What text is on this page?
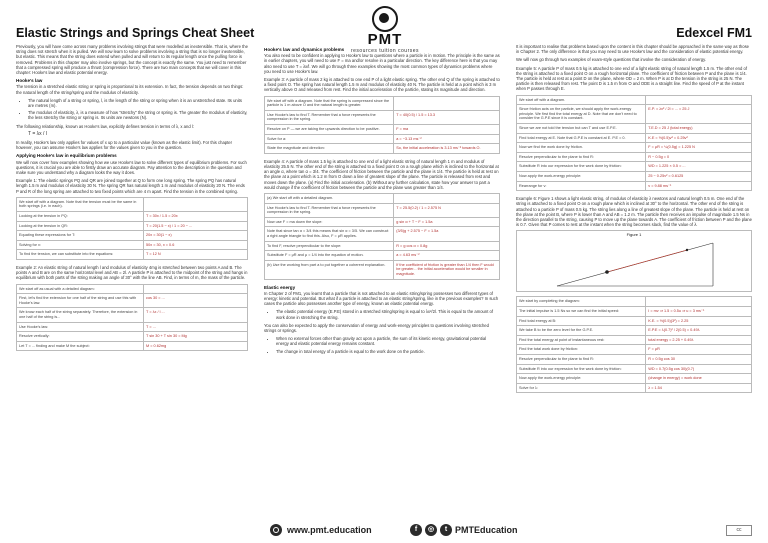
Elastic Strings and Springs Cheat Sheet	PMT
resources tuition courses
Edexcel FM1

Previously, you will have come across many problems involving strings that were modelled as inextensible. That is, where the string does not stretch when it is pulled. We will now learn to solve problems involving a string that is no longer inextensible, but elastic. This means that the string does extend when pulled and will return to its regular length once the pulling force is removed. Problems in this chapter may also involve springs, but the concept is exactly the same. You just need to remember that a compressed spring will produce a thrust (compression force). There are two main concepts that we will cover in this chapter: Hooke's law and elastic potential energy.

Hooke's law

The tension in a stretched elastic string or spring is proportional to its extension. In fact, the tension depends on two things: the natural length of the string/spring and the modulus of elasticity.

• The natural length of a string or spring, l, is the length of the string or spring when it is an unstretched state. Its units are metres (m).
• The modulus of elasticity, λ, is a measure of how "stretchy" the string or spring is. The greater the modulus of elasticity, the less stretchy the string or spring is. Its units are newtons (N).

The following relationship, known as Hooke's law, explicitly defines tension in terms of λ, x and l:

T = λx / l

In reality, Hooke's law only applies for values of x up to a particular value (known as the elastic limit). For this chapter however, you can assume Hooke's law applies for the values given to you in the question.

Applying Hooke's law in equilibrium problems

We will now cover how examples showing how we use Hooke's law to solve different types of equilibrium problems. For such questions, it is crucial you are able to firstly draw an accurate diagram. Pay attention to the description in the question and make sure you understand why a diagram looks the way it does.

Example 1: The elastic springs PQ and QR are joined together at Q to form one long spring. The spring PQ has natural length 1.5 m and modulus of elasticity 30 N. The spring QR has natural length 1 m and modulus of elasticity 20 N. The ends P and R of the long spring are attached to two fixed points which are 4 m apart. Find the tension in the combined spring.

We start off with a diagram. Note that the tension must be the same in both springs (i.e. in each).	
Looking at the tension in PQ:	T = 30x / 1.5 = 20x
Looking at the tension in QR:	T = 20(1.5 − x) / 1 = 20 − ...
Equating these expressions for T:	20x = 30(1 − x)
Solving for x:	50x = 30, x = 0.6
To find the tension, we can substitute into the equations:	T = 12 N

Example 2: An elastic string of natural length l and modulus of elasticity 4mg is stretched between two points A and B. The points A and B are on the same horizontal level and AB = 2l. A particle P is attached to the midpoint of the string and hangs in equilibrium with both parts of the string making an angle of 30° with the line AB. Find, in terms of m, the mass of the particle.

We start off as usual with a detailed diagram:	
First, let's find the extension for one half of the string and use this with Hooke's law.	cos 30 = ...
We know each half of the string separately. Therefore, the extension in one half of the string is...	T = λx / l ...
Use Hooke's law:	T = ...
Resolve vertically:	T sin 30 + T sin 30 = Mg
Let T = ... finding and make M the subject:	M = 0.62mg
Hooke's law and dynamics problems

You also need to be confident in applying to Hooke's law to questions where a particle is in motion. The principle is the same as in earlier chapters, you will need to use F = ma and/or resolve in a particular direction. The key difference here is that you may also need to use T = λx/l. We will go through three examples showing the most common types of dynamics problems where you need to use Hooke's law.

Example 3: A particle of mass 2 kg is attached to one end P of a light elastic spring. The other end Q of the spring is attached to a fixed point O. The spring has natural length 1.5 m and modulus of elasticity 40 N. The particle is held at a point which is 3 m vertically above O and released from rest. Find the initial acceleration of the particle, stating its magnitude and direction.

We start off with a diagram. Note that the spring is compressed since the particle is 1 m above O and the natural length is greater.	
Use Hooke's law to find T. Remember that a force represents the compression in the spring.	T = 40(0.5) / 1.5 = 13.3
Resolve on P — we are taking the upwards direction to be positive.	F = ma
Solve for a:	a = −3.13 ms⁻²
State the magnitude and direction:	So, the initial acceleration is 3.13 ms⁻² towards O.

Example 4: A particle of mass 1.5 kg is attached to one end of a light elastic string of natural length 1 m and modulus of elasticity 25.5 N. The other end of the string is attached to a fixed point O on a rough plane which is inclined to the horizontal at an angle α, where tan α = 3/4. The coefficient of friction between the particle and the plane is 1/4. The particle is held at rest on the plane at a point which is 1.2 m from O down a line of greatest slope of the plane. The particle is released from rest and moves down the plane. (a) Find the initial acceleration. (b) Without any further calculation, state how your answer to part a would change if the coefficient of friction between the particle and the plane was greater than 1/4.

(a) We start off with a detailed diagram.	
Use Hooke's law to find T. Remember that a force represents the compression in the spring.	T = 25.5(0.2) / 1 = 2.575 N
Now use F = ma down the slope:	g sin α + T − F = 1.5a
Note that since tan α = 3/4 this means that sin α = 3/5. We can construct a right angle triangle to find this. Also, F = μR applies.	(3/5)g + 2.575 − F = 1.5a
To find F, resolve perpendicular to the slope:	R = g cos α = 0.8g
Substitute F = μR and μ = 1/4 into the equation of motion.	a = 4.63 ms⁻²
(b) Use the working from part a to put together a coherent explanation.	If the coefficient of friction is greater than 1/4 then F would be greater... the initial acceleration would be smaller in magnitude.
Elastic energy

In Chapter 2 of FM1, you learnt that a particle that is not attached to an elastic string/spring possesses two different types of energy: kinetic and potential. But what if a particle is attached to an elastic string/spring, like in the previous examples? In such cases the particle also possesses another type of energy, known as elastic potential energy.

• The elastic potential energy (E.P.E) stored in a stretched string/spring is equal to λx²/2l. This is equal to the amount of work done in stretching the string.

You can also be expected to apply the conservation of energy and work-energy principles to questions involving stretched strings or springs.

• When no external forces other than gravity act upon a particle, the sum of its kinetic energy, gravitational potential energy and elastic potential energy remains constant.
• The change in total energy of a particle is equal to the work done on the particle.

It is important to realise that problems based upon the content in this chapter should be approached in the same way as those in Chapter 2. The only difference is that you may need to use Hooke's law and the consideration of elastic potential energy.

We will now go through two examples of exam-style questions that involve the consideration of energy.

Example 5: A particle P of mass 0.5 kg is attached to one end of a light elastic string of natural length 1.5 m. The other end of the string is attached to a fixed point O on a rough horizontal plane. The coefficient of friction between P and the plane is 1/4. The particle is held at rest at a point D on the plane, where OD = 2 m. When P is at D the tension in the string is 25 N. The particle is then released from rest. The point D is 1.5 m from O and ODE is a straight line. Find the speed of P at the instant when P passes through E.

We start off with a diagram.	
Since friction acts on the particle, we should apply the work-energy principle. We first find the total energy at D. Note that we don't need to consider the G.P.E since it is constant.	E.P. = λx² / 2l = ... = 25 J
Since we are not told the tension but can T and use E.P.E.	T.E.D = 25 J (total energy)
Find total energy at E. Note that G.P.E is constant at E. P.E = 0.	K.E = ½(0.5)v² = 0.25v²
Now we find the work done by friction.	F = μR = ¼(0.5g) = 1.225 N
Resolve perpendicular to the plane to find R:	R − 0.5g = 0
Substitute R into our expression for the work done by friction:	WD = 1.225 × 0.5 = ...
Now apply the work-energy principle:	25 − 0.25v² = 0.6125
Rearrange for v:	v = 9.88 ms⁻¹

Example 6: Figure 1 shows a light elastic string, of modulus of elasticity λ newtons and natural length 0.5 m. One end of the string is attached to a fixed point O on a rough plane which is inclined at 30° to the horizontal. The other end of the string is attached to a particle P of mass 0.5 kg. The string lies along a line of greatest slope of the plane. The particle is held at rest on the plane at the point B, where P is lower than A and AB = 1.2 m. The particle then receives an impulse of magnitude 1.5 Ns in the direction parallel to the string, causing P to move up the plane towards A. The coefficient of friction between P and the plane is 0.7. Given that P comes to rest at the instant when the string becomes slack, find the value of λ.

Figure 1
We start by completing the diagram:	
The initial impulse is 1.5 Ns so we can find the initial speed:	I = mv ⇒ 1.5 = 0.5u ⇒ u = 3 ms⁻¹
Find total energy at B:	K.E. = ½(0.5)(3²) = 2.25
We take B to be the zero level for the G.P.E.	E.P.E = λ(0.7)² / 2(0.5) = 0.49λ
Find the total energy at point of instantaneous rest:	total energy = 2.25 + 0.49λ
Find the total work done by friction:	F = μR
Resolve perpendicular to the plane to find R:	R = 0.5g cos 30
Substitute R into our expression for the work done by friction:	WD = 0.7(0.5g cos 30)(0.7)
Now apply the work-energy principle:	(change in energy) = work done
Solve for λ:	λ = 1.54
www.pmt.education	f	◎	t PMTEducation	cc
